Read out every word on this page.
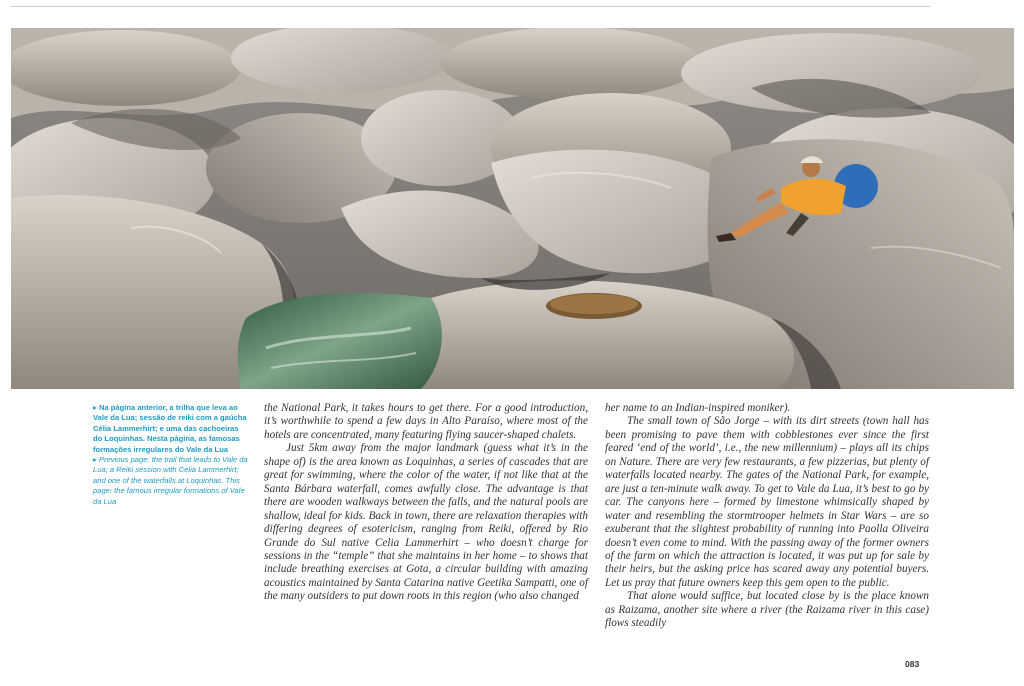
▸ Na página anterior, a trilha que leva ao Vale da Lua; sessão de reiki com a gaúcha Célia Lammerhirt; e uma das cachoeiras do Loquinhas. Nesta página, as famosas formações irregulares do Vale da Lua
▸ Previous page: the trail that leads to Vale da Lua; a Reiki session with Celia Lammerhirt; and one of the waterfalls at Loquinhas. This page: the famous irregular formations of Vale da Lua

the National Park, it takes hours to get there. For a good introduction, it’s worthwhile to spend a few days in Alto Paraíso, where most of the hotels are concentrated, many featuring flying saucer-shaped chalets.

Just 5km away from the major landmark (guess what it’s in the shape of) is the area known as Loquinhas, a series of cascades that are great for swimming, where the color of the water, if not like that at the Santa Bárbara waterfall, comes awfully close. The advantage is that there are wooden walkways between the falls, and the natural pools are shallow, ideal for kids. Back in town, there are relaxation therapies with differing degrees of esotericism, ranging from Reiki, offered by Rio Grande do Sul native Celia Lammerhirt – who doesn’t charge for sessions in the “temple” that she maintains in her home – to shows that include breathing exercises at Gota, a circular building with amazing acoustics maintained by Santa Catarina native Geetika Sampatti, one of the many outsiders to put down roots in this region (who also changed

her name to an Indian-inspired moniker).

The small town of São Jorge – with its dirt streets (town hall has been promising to pave them with cobblestones ever since the first feared ‘end of the world’, i.e., the new millennium) – plays all its chips on Nature. There are very few restaurants, a few pizzerias, but plenty of waterfalls located nearby. The gates of the National Park, for example, are just a ten-minute walk away. To get to Vale da Lua, it’s best to go by car. The canyons here – formed by limestone whimsically shaped by water and resembling the stormtrooper helmets in Star Wars – are so exuberant that the slightest probability of running into Paolla Oliveira doesn’t even come to mind. With the passing away of the former owners of the farm on which the attraction is located, it was put up for sale by their heirs, but the asking price has scared away any potential buyers. Let us pray that future owners keep this gem open to the public.

That alone would suffice, but located close by is the place known as Raizama, another site where a river (the Raizama river in this case) flows steadily

083
